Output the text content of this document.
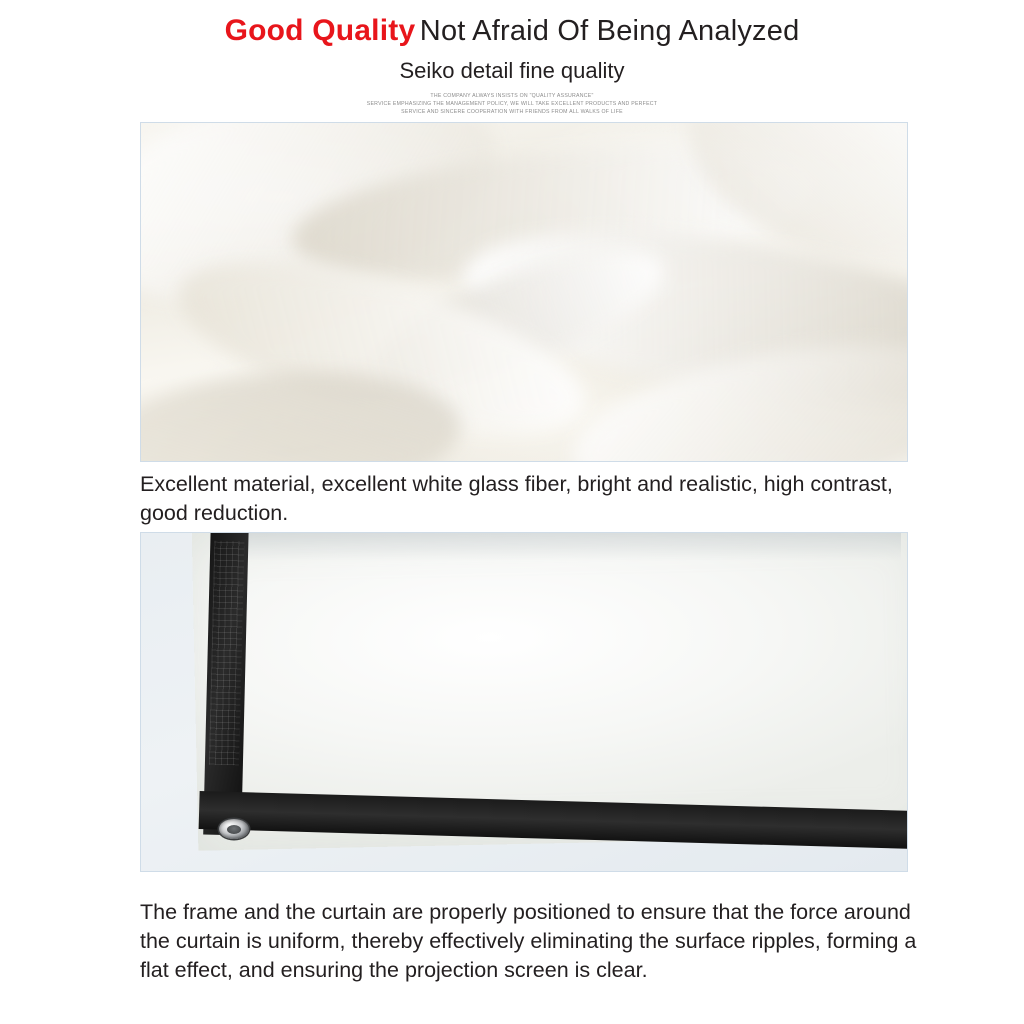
Good Quality Not Afraid Of Being Analyzed
Seiko detail fine quality
THE COMPANY ALWAYS INSISTS ON "QUALITY ASSURANCE"
SERVICE EMPHASIZING THE MANAGEMENT POLICY, WE WILL TAKE EXCELLENT PRODUCTS AND PERFECT
SERVICE AND SINCERE COOPERATION WITH FRIENDS FROM ALL WALKS OF LIFE
Excellent material, excellent white glass fiber, bright and realistic, high contrast, good reduction.
The frame and the curtain are properly positioned to ensure that the force around the curtain is uniform, thereby effectively eliminating the surface ripples, forming a flat effect, and ensuring the projection screen is clear.
